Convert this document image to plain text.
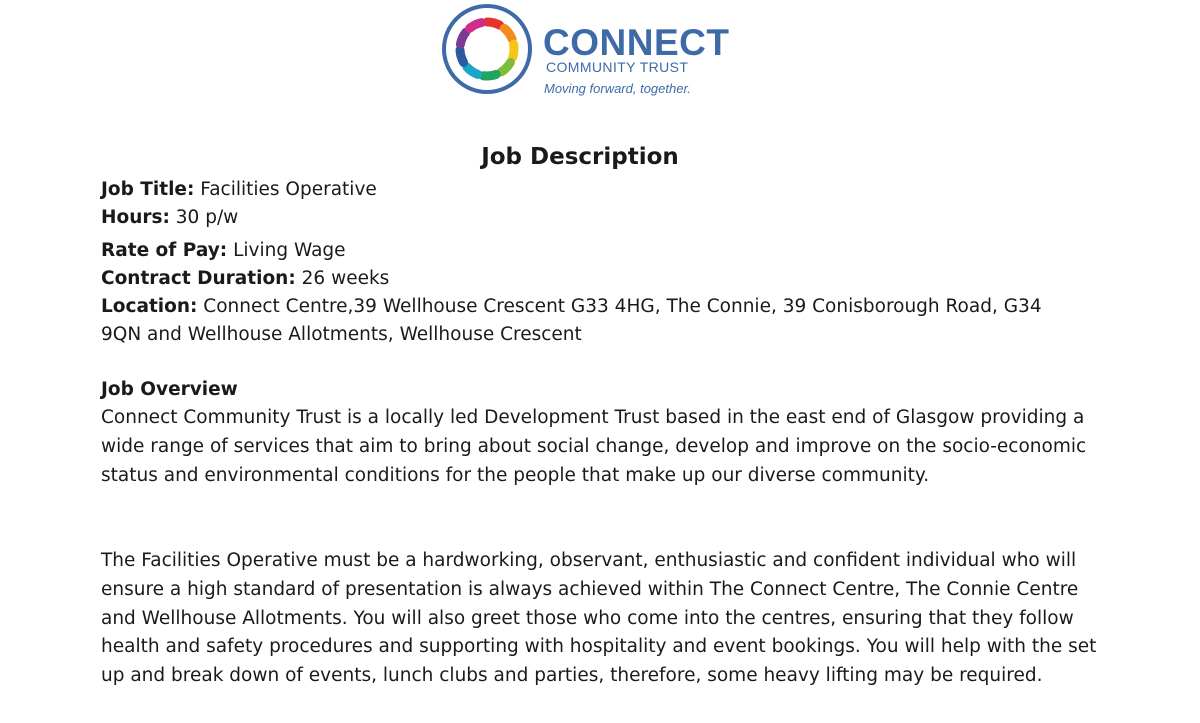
CONNECT
COMMUNITY TRUST
Moving forward, together.
Job Description
Job Title: Facilities Operative
Hours: 30 p/w
Rate of Pay: Living Wage
Contract Duration: 26 weeks
Location: Connect Centre,39 Wellhouse Crescent G33 4HG, The Connie, 39 Conisborough Road, G34
9QN and Wellhouse Allotments, Wellhouse Crescent
Job Overview

Connect Community Trust is a locally led Development Trust based in the east end of Glasgow providing a wide range of services that aim to bring about social change, develop and improve on the socio-economic status and environmental conditions for the people that make up our diverse community.

The Facilities Operative must be a hardworking, observant, enthusiastic and confident individual who will ensure a high standard of presentation is always achieved within The Connect Centre, The Connie Centre and Wellhouse Allotments. You will also greet those who come into the centres, ensuring that they follow health and safety procedures and supporting with hospitality and event bookings. You will help with the set up and break down of events, lunch clubs and parties, therefore, some heavy lifting may be required.
